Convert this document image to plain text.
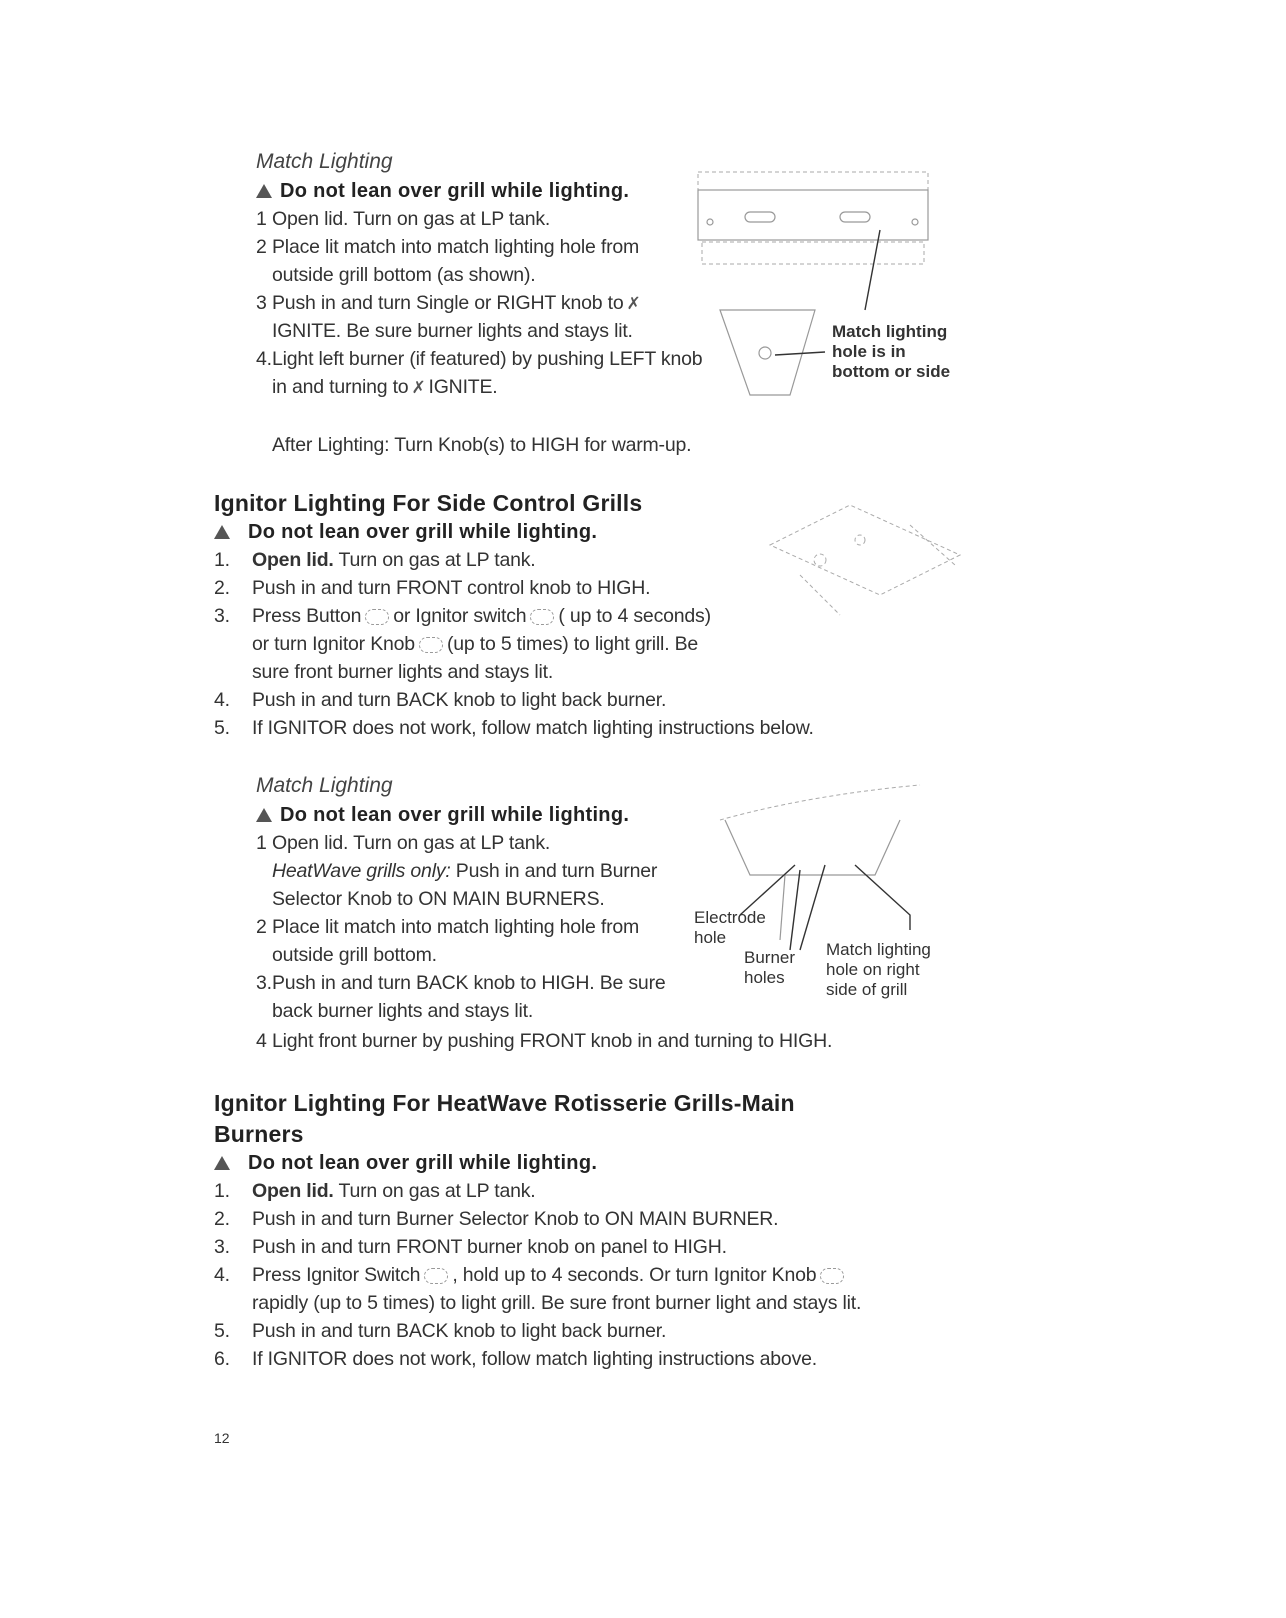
Match Lighting
Do not lean over grill while lighting.
1 Open lid. Turn on gas at LP tank.
2 Place lit match into match lighting hole from
outside grill bottom (as shown).
3 Push in and turn Single or RIGHT knob to ✗
IGNITE. Be sure burner lights and stays lit.
4.Light left burner (if featured) by pushing LEFT knob
in and turning to ✗ IGNITE.
After Lighting: Turn Knob(s) to HIGH for warm-up.
Match lighting
hole is in
bottom or side
Ignitor Lighting For Side Control Grills
Do not lean over grill while lighting.
1. Open lid. Turn on gas at LP tank.
2. Push in and turn FRONT control knob to HIGH.
3. Press Button or Ignitor switch ( up to 4 seconds)
or turn Ignitor Knob (up to 5 times) to light grill. Be
sure front burner lights and stays lit.
4. Push in and turn BACK knob to light back burner.
5. If IGNITOR does not work, follow match lighting instructions below.
Match Lighting
Do not lean over grill while lighting.
1 Open lid. Turn on gas at LP tank.
HeatWave grills only: Push in and turn Burner
Selector Knob to ON MAIN BURNERS.
2 Place lit match into match lighting hole from
outside grill bottom.
3.Push in and turn BACK knob to HIGH. Be sure
back burner lights and stays lit.
4 Light front burner by pushing FRONT knob in and turning to HIGH.
Electrode
hole
Burner
holes
Match lighting
hole on right
side of grill
Ignitor Lighting For HeatWave Rotisserie Grills-Main
Burners
Do not lean over grill while lighting.
1. Open lid. Turn on gas at LP tank.
2. Push in and turn Burner Selector Knob to ON MAIN BURNER.
3. Push in and turn FRONT burner knob on panel to HIGH.
4. Press Ignitor Switch , hold up to 4 seconds. Or turn Ignitor Knob
rapidly (up to 5 times) to light grill. Be sure front burner light and stays lit.
5. Push in and turn BACK knob to light back burner.
6. If IGNITOR does not work, follow match lighting instructions above.
12
